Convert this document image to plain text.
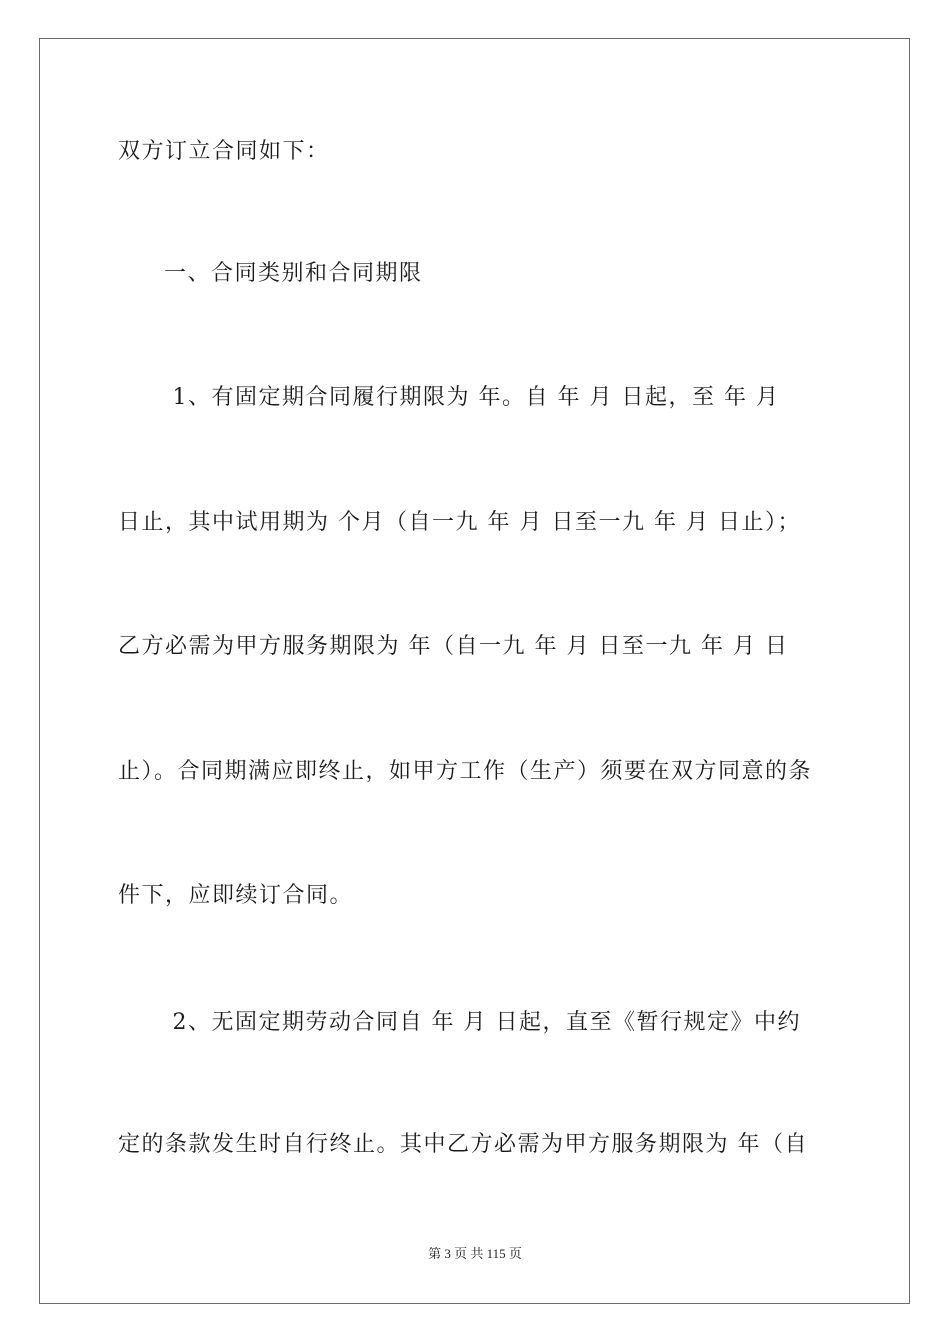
双方订立合同如下：
一、合同类别和合同期限
1、有固定期合同履行期限为 年。自 年 月 日起，至 年 月
日止，其中试用期为 个月（自一九 年 月 日至一九 年 月 日止）；
乙方必需为甲方服务期限为 年（自一九 年 月 日至一九 年 月 日
止）。合同期满应即终止，如甲方工作（生产）须要在双方同意的条
件下，应即续订合同。
2、无固定期劳动合同自 年 月 日起，直至《暂行规定》中约
定的条款发生时自行终止。其中乙方必需为甲方服务期限为 年（自
第 3 页 共 115 页
